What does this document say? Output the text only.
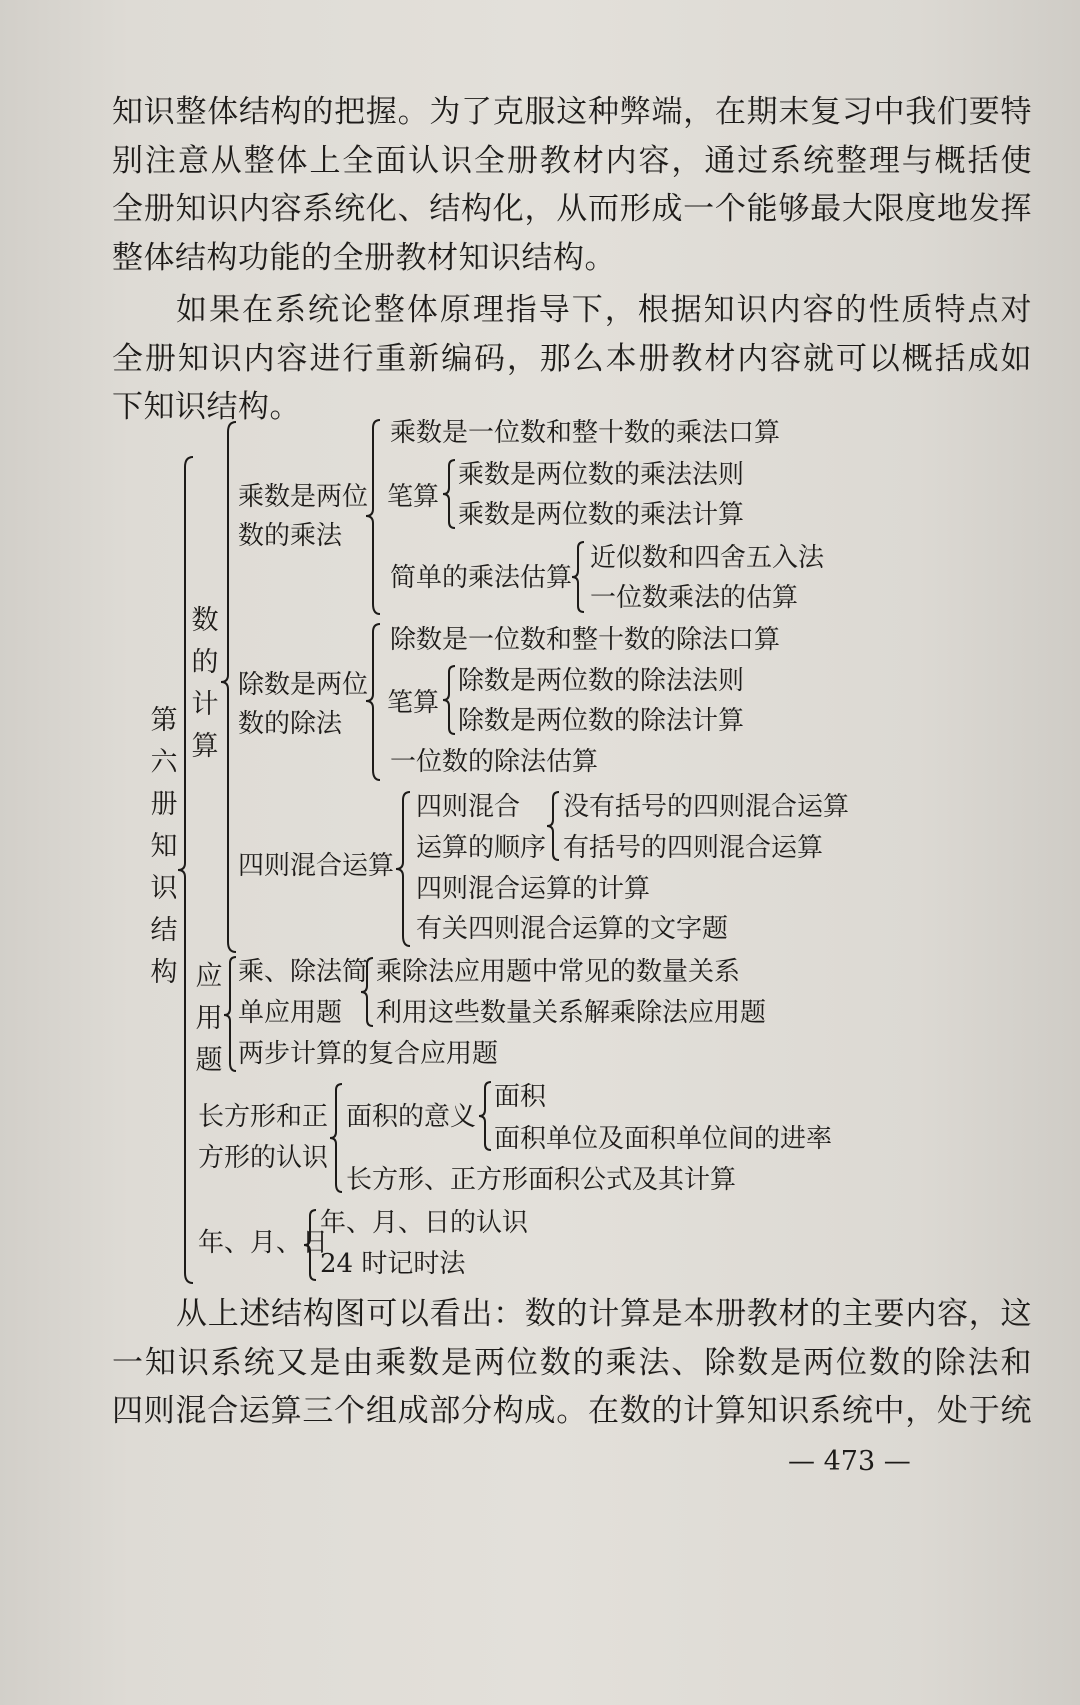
知识整体结构的把握。为了克服这种弊端，在期末复习中我们要特
别注意从整体上全面认识全册教材内容，通过系统整理与概括使
全册知识内容系统化、结构化，从而形成一个能够最大限度地发挥
整体结构功能的全册教材知识结构。
如果在系统论整体原理指导下，根据知识内容的性质特点对
全册知识内容进行重新编码，那么本册教材内容就可以概括成如
下知识结构。
第六册知识结构
数的计算
乘数是两位
数的乘法
乘数是一位数和整十数的乘法口算
笔算
乘数是两位数的乘法法则
乘数是两位数的乘法计算
简单的乘法估算
近似数和四舍五入法
一位数乘法的估算
除数是两位
数的除法
除数是一位数和整十数的除法口算
笔算
除数是两位数的除法法则
除数是两位数的除法计算
一位数的除法估算
四则混合运算
四则混合
运算的顺序
没有括号的四则混合运算
有括号的四则混合运算
四则混合运算的计算
有关四则混合运算的文字题
应用题
乘、除法简
单应用题
乘除法应用题中常见的数量关系
利用这些数量关系解乘除法应用题
两步计算的复合应用题
长方形和正
方形的认识
面积的意义
面积
面积单位及面积单位间的进率
长方形、正方形面积公式及其计算
年、月、日
年、月、日的认识
24 时记时法
从上述结构图可以看出：数的计算是本册教材的主要内容，这
一知识系统又是由乘数是两位数的乘法、除数是两位数的除法和
四则混合运算三个组成部分构成。在数的计算知识系统中，处于统
— 473 —
